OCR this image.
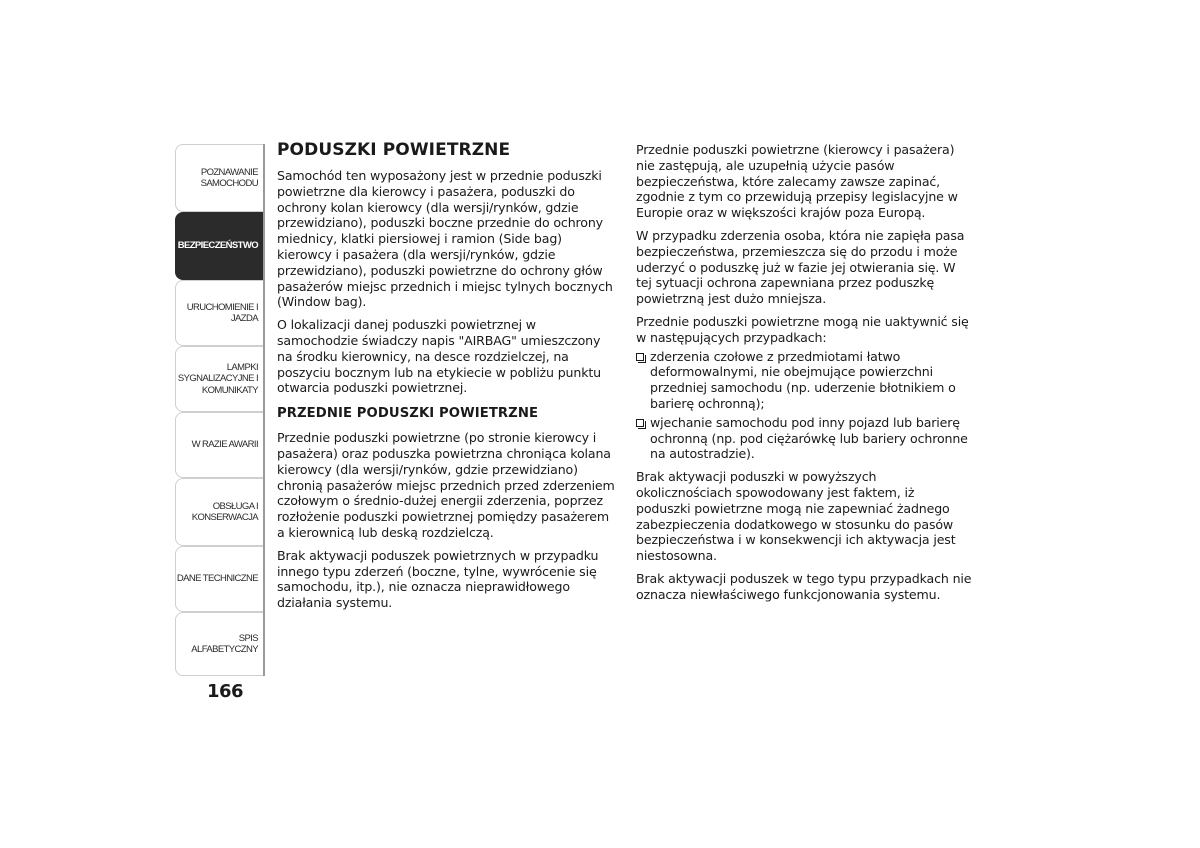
POZNAWANIE
SAMOCHODU
BEZPIECZEŃSTWO
URUCHOMIENIE I
JAZDA
LAMPKI
SYGNALIZACYJNE I
KOMUNIKATY
W RAZIE AWARII
OBSŁUGA I
KONSERWACJA
DANE TECHNICZNE
SPIS ALFABETYCZNY
166
PODUSZKI POWIETRZNE

Samochód ten wyposażony jest w przednie poduszki powietrzne dla kierowcy i pasażera, poduszki do ochrony kolan kierowcy (dla wersji/rynków, gdzie przewidziano), poduszki boczne przednie do ochrony miednicy, klatki piersiowej i ramion (Side bag) kierowcy i pasażera (dla wersji/rynków, gdzie przewidziano), poduszki powietrzne do ochrony głów pasażerów miejsc przednich i miejsc tylnych bocznych (Window bag).

O lokalizacji danej poduszki powietrznej w samochodzie świadczy napis "AIRBAG" umieszczony na środku kierownicy, na desce rozdzielczej, na poszyciu bocznym lub na etykiecie w pobliżu punktu otwarcia poduszki powietrznej.

PRZEDNIE PODUSZKI POWIETRZNE

Przednie poduszki powietrzne (po stronie kierowcy i pasażera) oraz poduszka powietrzna chroniąca kolana kierowcy (dla wersji/rynków, gdzie przewidziano) chronią pasażerów miejsc przednich przed zderzeniem czołowym o średnio-dużej energii zderzenia, poprzez rozłożenie poduszki powietrznej pomiędzy pasażerem a kierownicą lub deską rozdzielczą.

Brak aktywacji poduszek powietrznych w przypadku innego typu zderzeń (boczne, tylne, wywrócenie się samochodu, itp.), nie oznacza nieprawidłowego działania systemu.

Przednie poduszki powietrzne (kierowcy i pasażera) nie zastępują, ale uzupełnią użycie pasów bezpieczeństwa, które zalecamy zawsze zapinać, zgodnie z tym co przewidują przepisy legislacyjne w Europie oraz w większości krajów poza Europą.

W przypadku zderzenia osoba, która nie zapięła pasa bezpieczeństwa, przemieszcza się do przodu i może uderzyć o poduszkę już w fazie jej otwierania się. W tej sytuacji ochrona zapewniana przez poduszkę powietrzną jest dużo mniejsza.

Przednie poduszki powietrzne mogą nie uaktywnić się w następujących przypadkach:

zderzenia czołowe z przedmiotami łatwo deformowalnymi, nie obejmujące powierzchni przedniej samochodu (np. uderzenie błotnikiem o barierę ochronną);
wjechanie samochodu pod inny pojazd lub barierę ochronną (np. pod ciężarówkę lub bariery ochronne na autostradzie).

Brak aktywacji poduszki w powyższych okolicznościach spowodowany jest faktem, iż poduszki powietrzne mogą nie zapewniać żadnego zabezpieczenia dodatkowego w stosunku do pasów bezpieczeństwa i w konsekwencji ich aktywacja jest niestosowna.

Brak aktywacji poduszek w tego typu przypadkach nie oznacza niewłaściwego funkcjonowania systemu.
